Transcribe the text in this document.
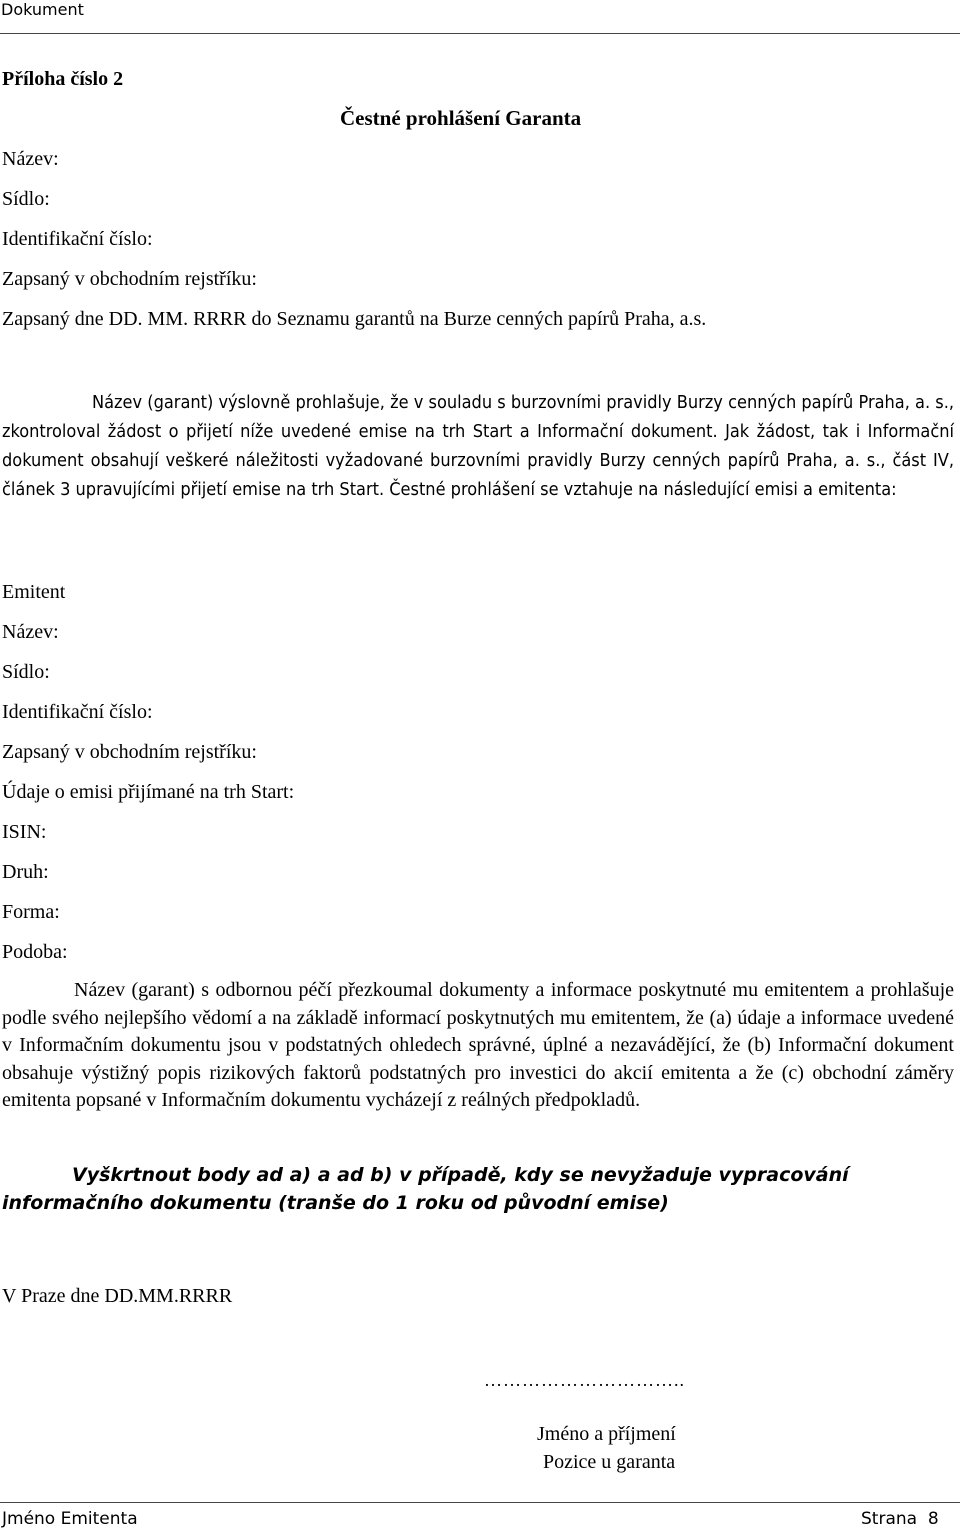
Dokument
Příloha číslo 2
Čestné prohlášení Garanta
Název:
Sídlo:
Identifikační číslo:
Zapsaný v obchodním rejstříku:
Zapsaný dne DD. MM. RRRR do Seznamu garantů na Burze cenných papírů Praha, a.s.
Název (garant) výslovně prohlašuje, že v souladu s burzovními pravidly Burzy cenných papírů Praha, a. s., zkontroloval žádost o přijetí níže uvedené emise na trh Start a Informační dokument. Jak žádost, tak i Informační dokument obsahují veškeré náležitosti vyžadované burzovními pravidly Burzy cenných papírů Praha, a. s., část IV, článek 3 upravujícími přijetí emise na trh Start. Čestné prohlášení se vztahuje na následující emisi a emitenta:
Emitent
Název:
Sídlo:
Identifikační číslo:
Zapsaný v obchodním rejstříku:
Údaje o emisi přijímané na trh Start:
ISIN:
Druh:
Forma:
Podoba:
Název (garant) s odbornou péčí přezkoumal dokumenty a informace poskytnuté mu emitentem a prohlašuje podle svého nejlepšího vědomí a na základě informací poskytnutých mu emitentem, že (a) údaje a informace uvedené v Informačním dokumentu jsou v podstatných ohledech správné, úplné a nezavádějící, že (b) Informační dokument obsahuje výstižný popis rizikových faktorů podstatných pro investici do akcií emitenta a že (c) obchodní záměry emitenta popsané v Informačním dokumentu vycházejí z reálných předpokladů.
Vyškrtnout body ad a) a ad b) v případě, kdy se nevyžaduje vypracování informačního dokumentu (tranše do 1 roku od původní emise)
V Praze dne DD.MM.RRRR
…………………………..
Jméno a příjmení
Pozice u garanta
Jméno Emitenta	Strana  8
